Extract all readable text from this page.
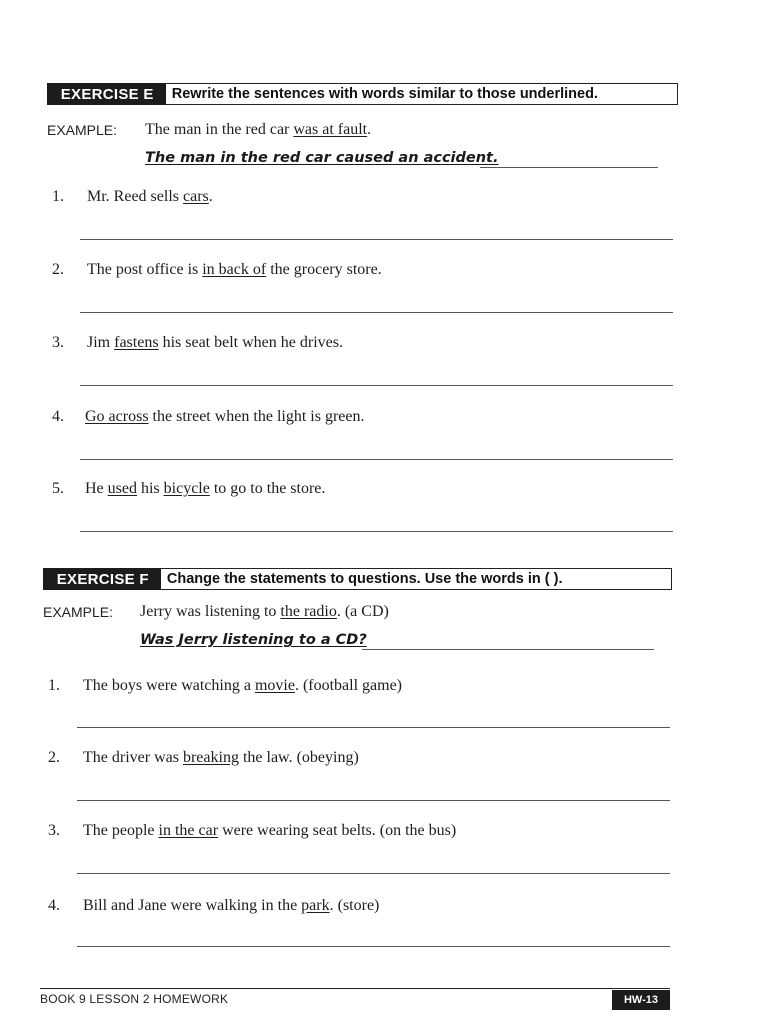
EXERCISE E	Rewrite the sentences with words similar to those underlined.
EXAMPLE: The man in the red car was at fault.
The man in the red car caused an accident.
1. Mr. Reed sells cars.
2. The post office is in back of the grocery store.
3. Jim fastens his seat belt when he drives.
4. Go across the street when the light is green.
5. He used his bicycle to go to the store.
EXERCISE F	Change the statements to questions. Use the words in ( ).
EXAMPLE: Jerry was listening to the radio. (a CD)
Was Jerry listening to a CD?
1. The boys were watching a movie. (football game)
2. The driver was breaking the law. (obeying)
3. The people in the car were wearing seat belts. (on the bus)
4. Bill and Jane were walking in the park. (store)
BOOK 9 LESSON 2 HOMEWORK	HW-13
